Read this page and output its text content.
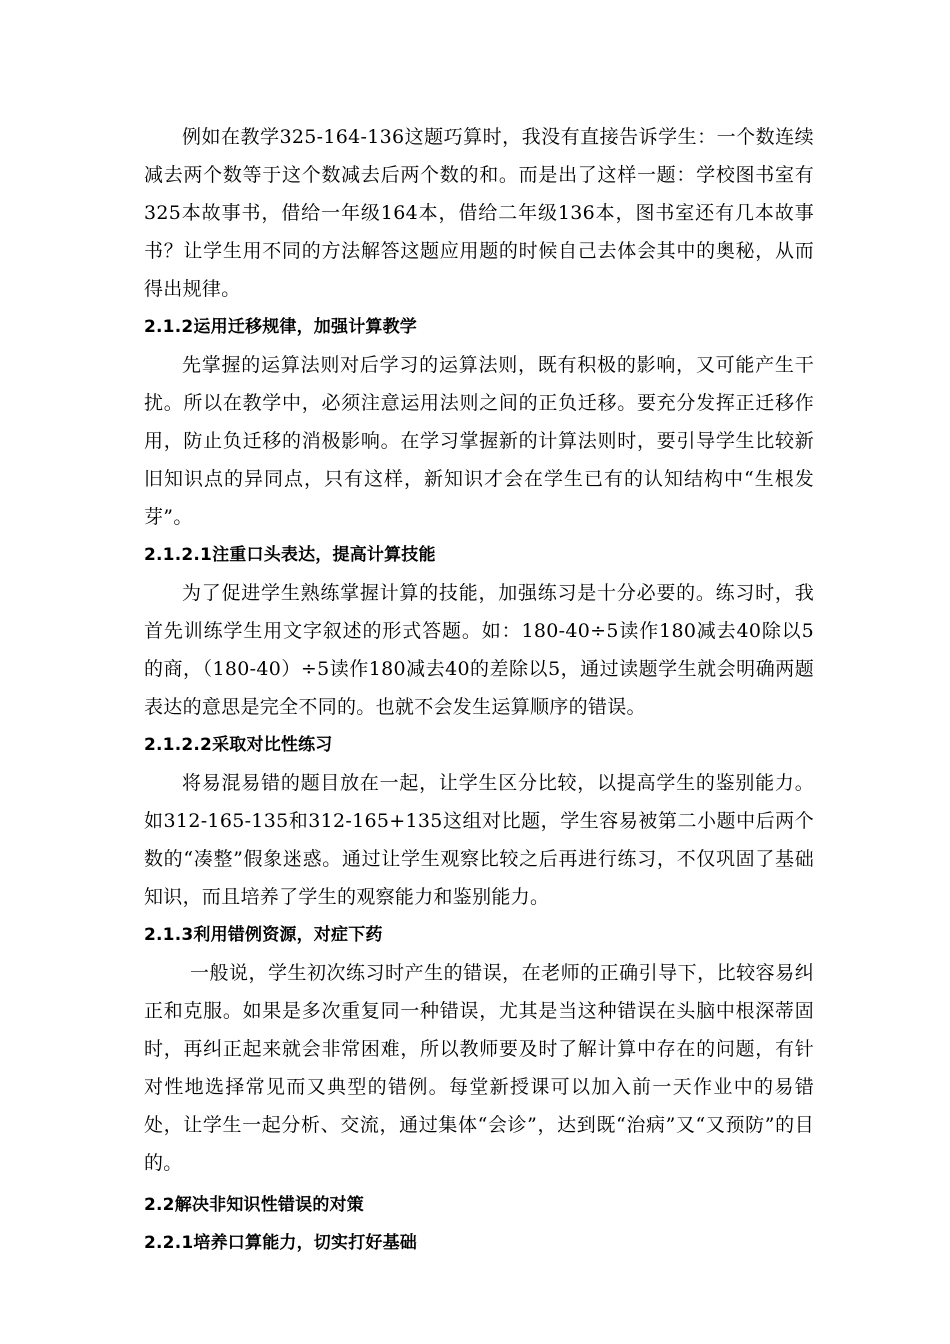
例如在教学325-164-136这题巧算时，我没有直接告诉学生：一个数连续减去两个数等于这个数减去后两个数的和。而是出了这样一题：学校图书室有325本故事书，借给一年级164本，借给二年级136本，图书室还有几本故事书？让学生用不同的方法解答这题应用题的时候自己去体会其中的奥秘，从而得出规律。

2.1.2运用迁移规律，加强计算教学

先掌握的运算法则对后学习的运算法则，既有积极的影响，又可能产生干扰。所以在教学中，必须注意运用法则之间的正负迁移。要充分发挥正迁移作用，防止负迁移的消极影响。在学习掌握新的计算法则时，要引导学生比较新旧知识点的异同点，只有这样，新知识才会在学生已有的认知结构中“生根发芽”。

2.1.2.1注重口头表达，提高计算技能

为了促进学生熟练掌握计算的技能，加强练习是十分必要的。练习时，我首先训练学生用文字叙述的形式答题。如：180-40÷5读作180减去40除以5的商，（180-40）÷5读作180减去40的差除以5，通过读题学生就会明确两题表达的意思是完全不同的。也就不会发生运算顺序的错误。

2.1.2.2采取对比性练习

将易混易错的题目放在一起，让学生区分比较，以提高学生的鉴别能力。如312-165-135和312-165+135这组对比题，学生容易被第二小题中后两个数的“凑整”假象迷惑。通过让学生观察比较之后再进行练习，不仅巩固了基础知识，而且培养了学生的观察能力和鉴别能力。

2.1.3利用错例资源，对症下药

一般说，学生初次练习时产生的错误，在老师的正确引导下，比较容易纠正和克服。如果是多次重复同一种错误，尤其是当这种错误在头脑中根深蒂固时，再纠正起来就会非常困难，所以教师要及时了解计算中存在的问题，有针对性地选择常见而又典型的错例。每堂新授课可以加入前一天作业中的易错处，让学生一起分析、交流，通过集体“会诊”，达到既“治病”又“又预防”的目的。

2.2解决非知识性错误的对策

2.2.1培养口算能力，切实打好基础
